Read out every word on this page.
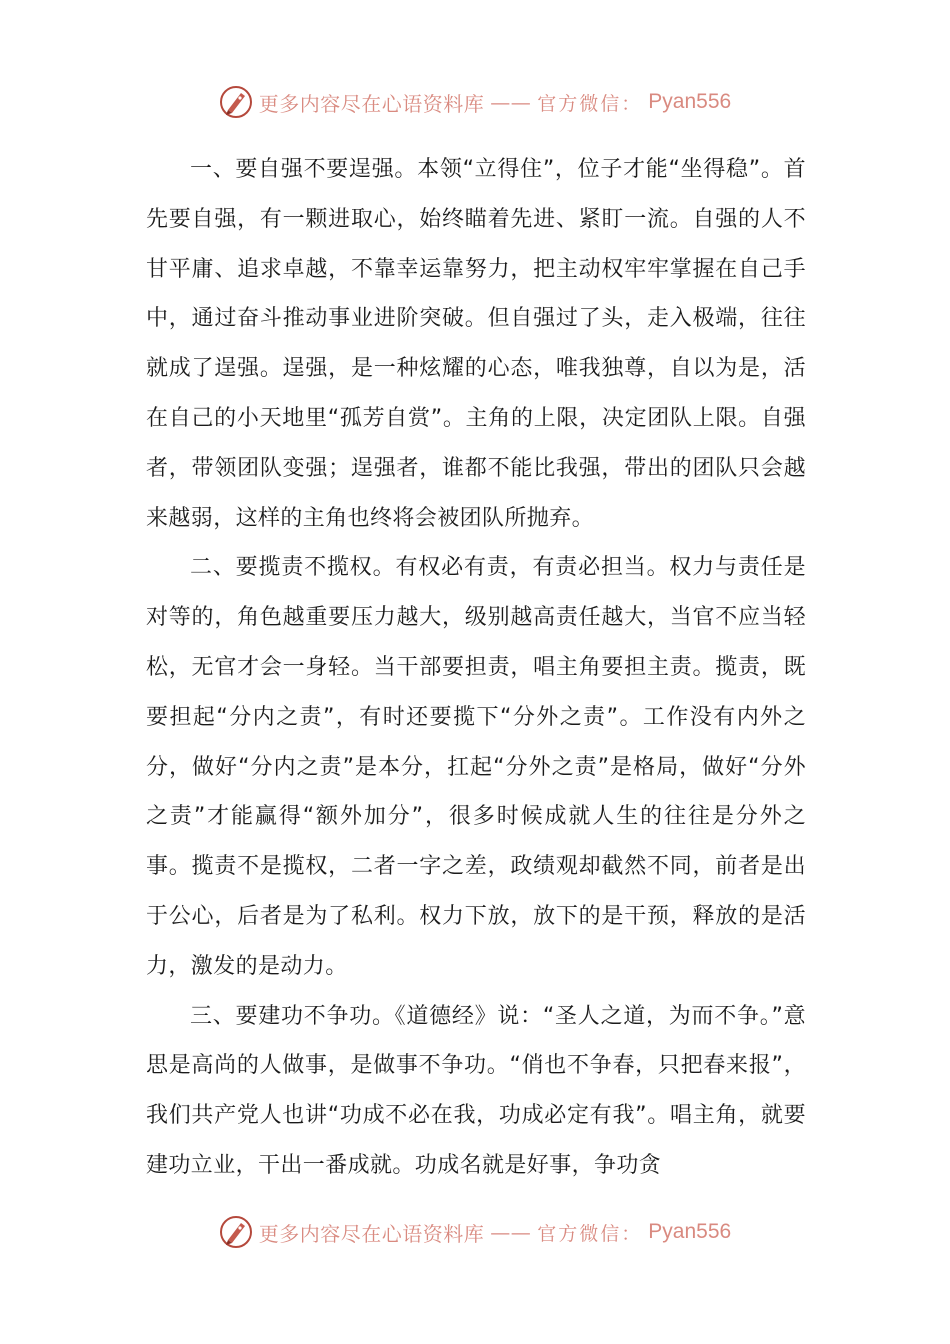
更多内容尽在心语资料库 —— 官方微信： Pyan556

一、要自强不要逞强。本领“立得住”，位子才能“坐得稳”。首先要自强，有一颗进取心，始终瞄着先进、紧盯一流。自强的人不甘平庸、追求卓越，不靠幸运靠努力，把主动权牢牢掌握在自己手中，通过奋斗推动事业进阶突破。但自强过了头，走入极端，往往就成了逞强。逞强，是一种炫耀的心态，唯我独尊，自以为是，活在自己的小天地里“孤芳自赏”。主角的上限，决定团队上限。自强者，带领团队变强；逞强者，谁都不能比我强，带出的团队只会越来越弱，这样的主角也终将会被团队所抛弃。

二、要揽责不揽权。有权必有责，有责必担当。权力与责任是对等的，角色越重要压力越大，级别越高责任越大，当官不应当轻松，无官才会一身轻。当干部要担责，唱主角要担主责。揽责，既要担起“分内之责”，有时还要揽下“分外之责”。工作没有内外之分，做好“分内之责”是本分，扛起“分外之责”是格局，做好“分外之责”才能赢得“额外加分”，很多时候成就人生的往往是分外之事。揽责不是揽权，二者一字之差，政绩观却截然不同，前者是出于公心，后者是为了私利。权力下放，放下的是干预，释放的是活力，激发的是动力。

三、要建功不争功。《道德经》说：“圣人之道，为而不争。”意思是高尚的人做事，是做事不争功。“俏也不争春，只把春来报”，我们共产党人也讲“功成不必在我，功成必定有我”。唱主角，就要建功立业，干出一番成就。功成名就是好事，争功贪

更多内容尽在心语资料库 —— 官方微信： Pyan556
